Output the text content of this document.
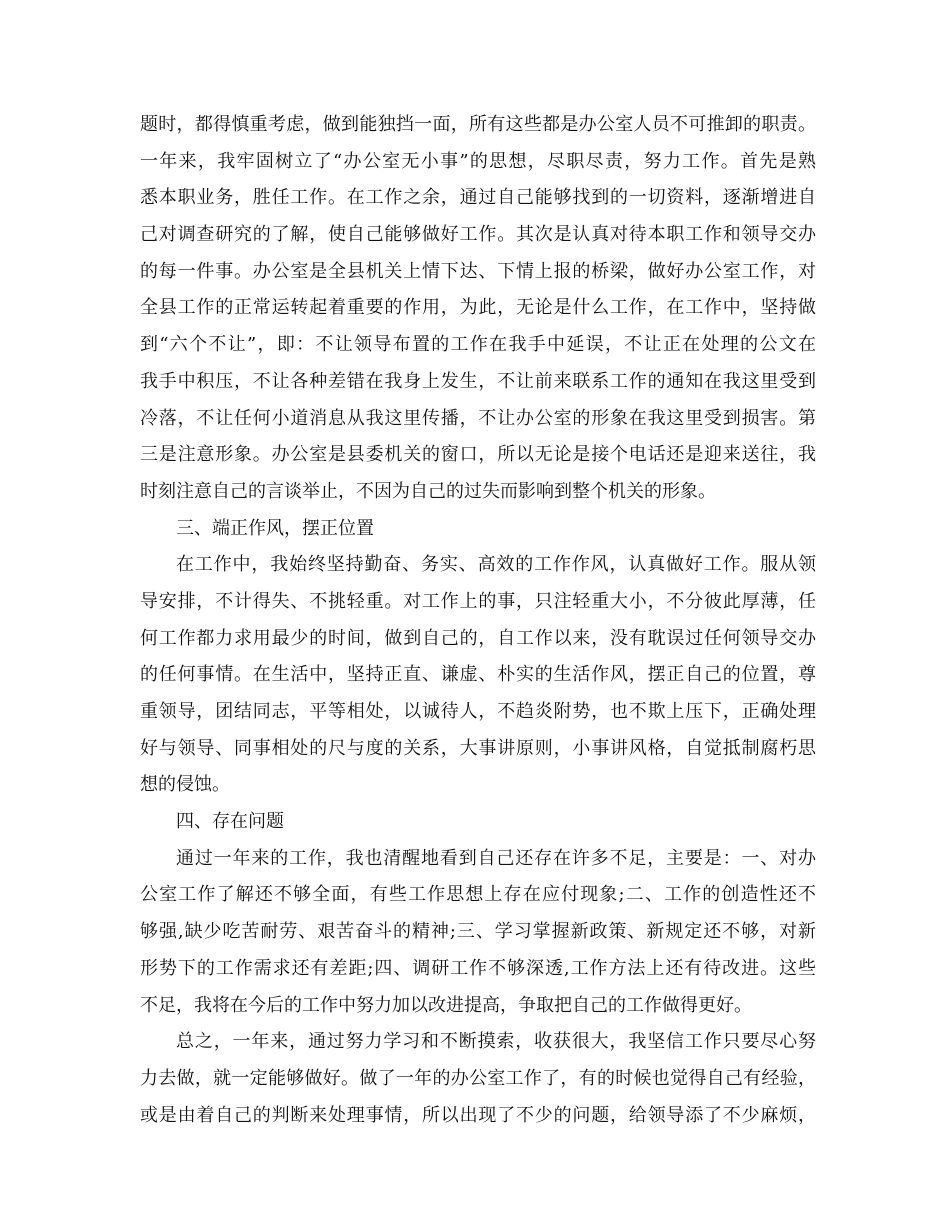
题时，都得慎重考虑，做到能独挡一面，所有这些都是办公室人员不可推卸的职责。
一年来，我牢固树立了“办公室无小事”的思想，尽职尽责，努力工作。首先是熟
悉本职业务，胜任工作。在工作之余，通过自己能够找到的一切资料，逐渐增进自
己对调查研究的了解，使自己能够做好工作。其次是认真对待本职工作和领导交办
的每一件事。办公室是全县机关上情下达、下情上报的桥梁，做好办公室工作，对
全县工作的正常运转起着重要的作用，为此，无论是什么工作，在工作中，坚持做
到“六个不让”，即：不让领导布置的工作在我手中延误，不让正在处理的公文在
我手中积压，不让各种差错在我身上发生，不让前来联系工作的通知在我这里受到
冷落，不让任何小道消息从我这里传播，不让办公室的形象在我这里受到损害。第
三是注意形象。办公室是县委机关的窗口，所以无论是接个电话还是迎来送往，我
时刻注意自己的言谈举止，不因为自己的过失而影响到整个机关的形象。
三、端正作风，摆正位置
在工作中，我始终坚持勤奋、务实、高效的工作作风，认真做好工作。服从领
导安排，不计得失、不挑轻重。对工作上的事，只注轻重大小，不分彼此厚薄，任
何工作都力求用最少的时间，做到自己的，自工作以来，没有耽误过任何领导交办
的任何事情。在生活中，坚持正直、谦虚、朴实的生活作风，摆正自己的位置，尊
重领导，团结同志，平等相处，以诚待人，不趋炎附势，也不欺上压下，正确处理
好与领导、同事相处的尺与度的关系，大事讲原则，小事讲风格，自觉抵制腐朽思
想的侵蚀。
四、存在问题
通过一年来的工作，我也清醒地看到自己还存在许多不足，主要是：一、对办
公室工作了解还不够全面，有些工作思想上存在应付现象;二、工作的创造性还不
够强,缺少吃苦耐劳、艰苦奋斗的精神;三、学习掌握新政策、新规定还不够，对新
形势下的工作需求还有差距;四、调研工作不够深透,工作方法上还有待改进。这些
不足，我将在今后的工作中努力加以改进提高，争取把自己的工作做得更好。
总之，一年来，通过努力学习和不断摸索，收获很大，我坚信工作只要尽心努
力去做，就一定能够做好。做了一年的办公室工作了，有的时候也觉得自己有经验，
或是由着自己的判断来处理事情，所以出现了不少的问题，给领导添了不少麻烦，
